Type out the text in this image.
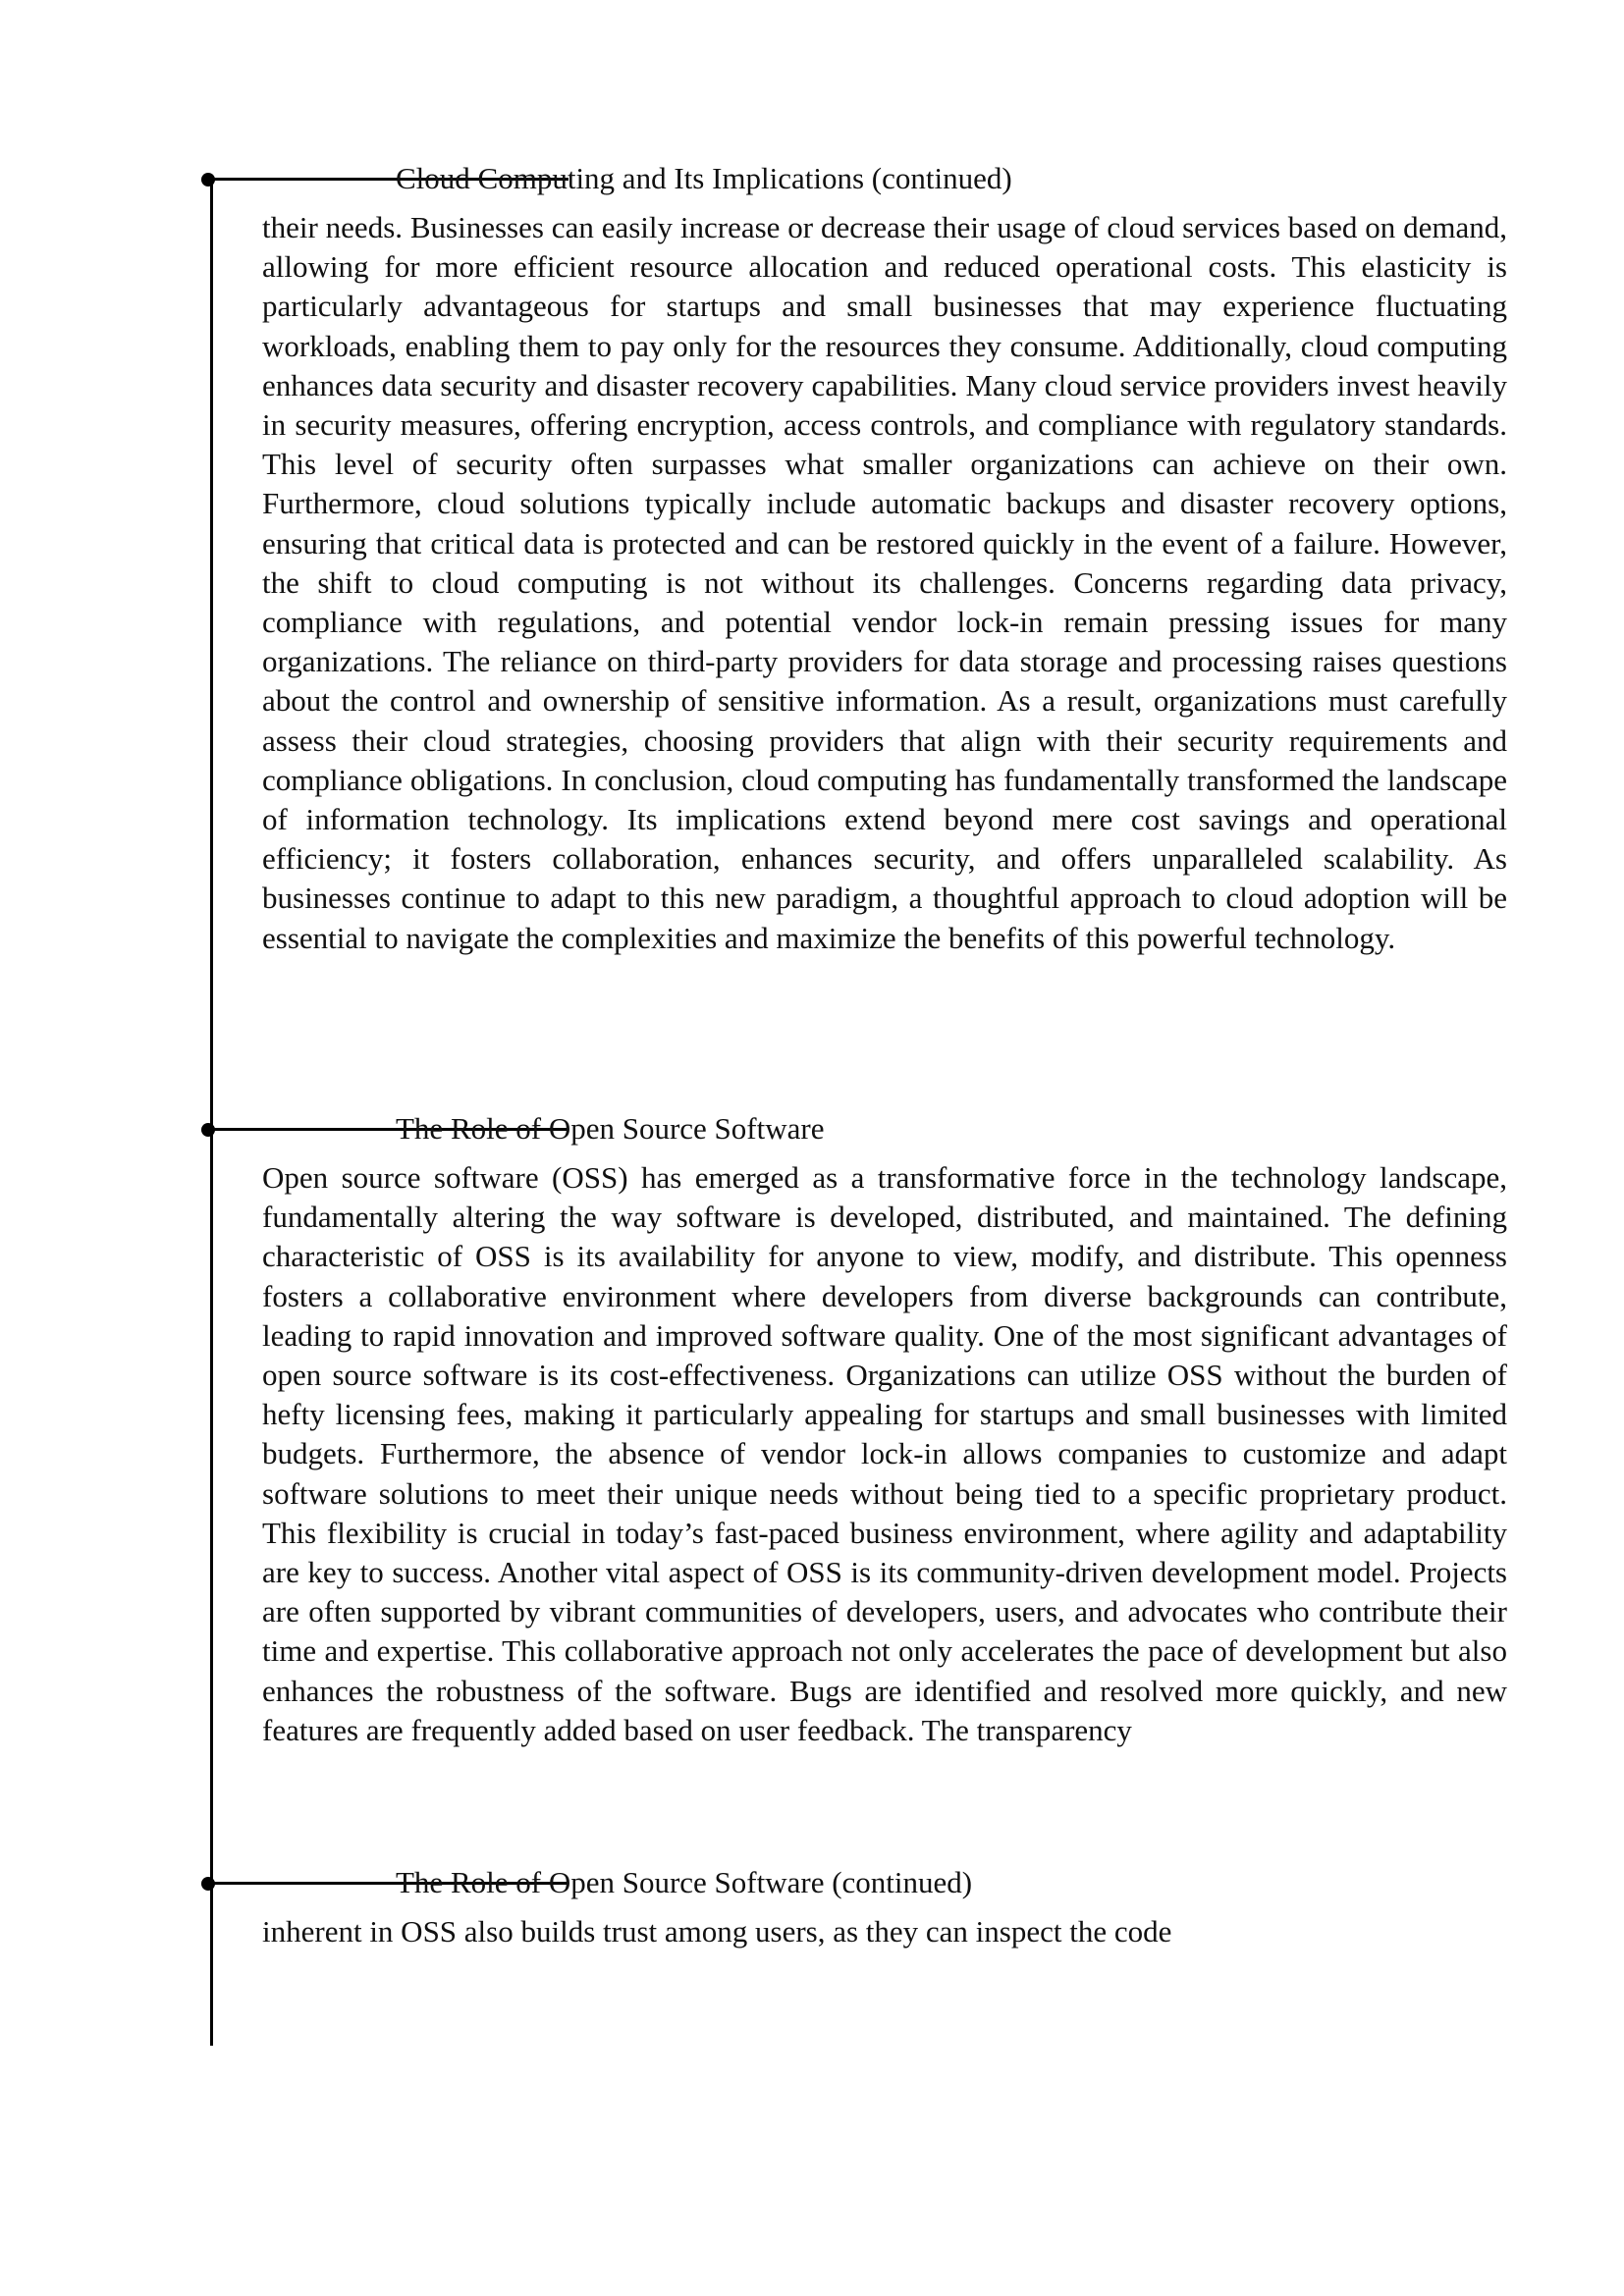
Cloud Computing and Its Implications (continued)

their needs. Businesses can easily increase or decrease their usage of cloud services based on demand, allowing for more efficient resource allocation and reduced operational costs. This elasticity is particularly advantageous for startups and small businesses that may experience fluctuating workloads, enabling them to pay only for the resources they consume. Additionally, cloud computing enhances data security and disaster recovery capabilities. Many cloud service providers invest heavily in security measures, offering encryption, access controls, and compliance with regulatory standards. This level of security often surpasses what smaller organizations can achieve on their own. Furthermore, cloud solutions typically include automatic backups and disaster recovery options, ensuring that critical data is protected and can be restored quickly in the event of a failure. However, the shift to cloud computing is not without its challenges. Concerns regarding data privacy, compliance with regulations, and potential vendor lock-in remain pressing issues for many organizations. The reliance on third-party providers for data storage and processing raises questions about the control and ownership of sensitive information. As a result, organizations must carefully assess their cloud strategies, choosing providers that align with their security requirements and compliance obligations. In conclusion, cloud computing has fundamentally transformed the landscape of information technology. Its implications extend beyond mere cost savings and operational efficiency; it fosters collaboration, enhances security, and offers unparalleled scalability. As businesses continue to adapt to this new paradigm, a thoughtful approach to cloud adoption will be essential to navigate the complexities and maximize the benefits of this powerful technology.

The Role of Open Source Software

Open source software (OSS) has emerged as a transformative force in the technology landscape, fundamentally altering the way software is developed, distributed, and maintained. The defining characteristic of OSS is its availability for anyone to view, modify, and distribute. This openness fosters a collaborative environment where developers from diverse backgrounds can contribute, leading to rapid innovation and improved software quality. One of the most significant advantages of open source software is its cost-effectiveness. Organizations can utilize OSS without the burden of hefty licensing fees, making it particularly appealing for startups and small businesses with limited budgets. Furthermore, the absence of vendor lock-in allows companies to customize and adapt software solutions to meet their unique needs without being tied to a specific proprietary product. This flexibility is crucial in today’s fast-paced business environment, where agility and adaptability are key to success. Another vital aspect of OSS is its community-driven development model. Projects are often supported by vibrant communities of developers, users, and advocates who contribute their time and expertise. This collaborative approach not only accelerates the pace of development but also enhances the robustness of the software. Bugs are identified and resolved more quickly, and new features are frequently added based on user feedback. The transparency

The Role of Open Source Software (continued)

inherent in OSS also builds trust among users, as they can inspect the code
